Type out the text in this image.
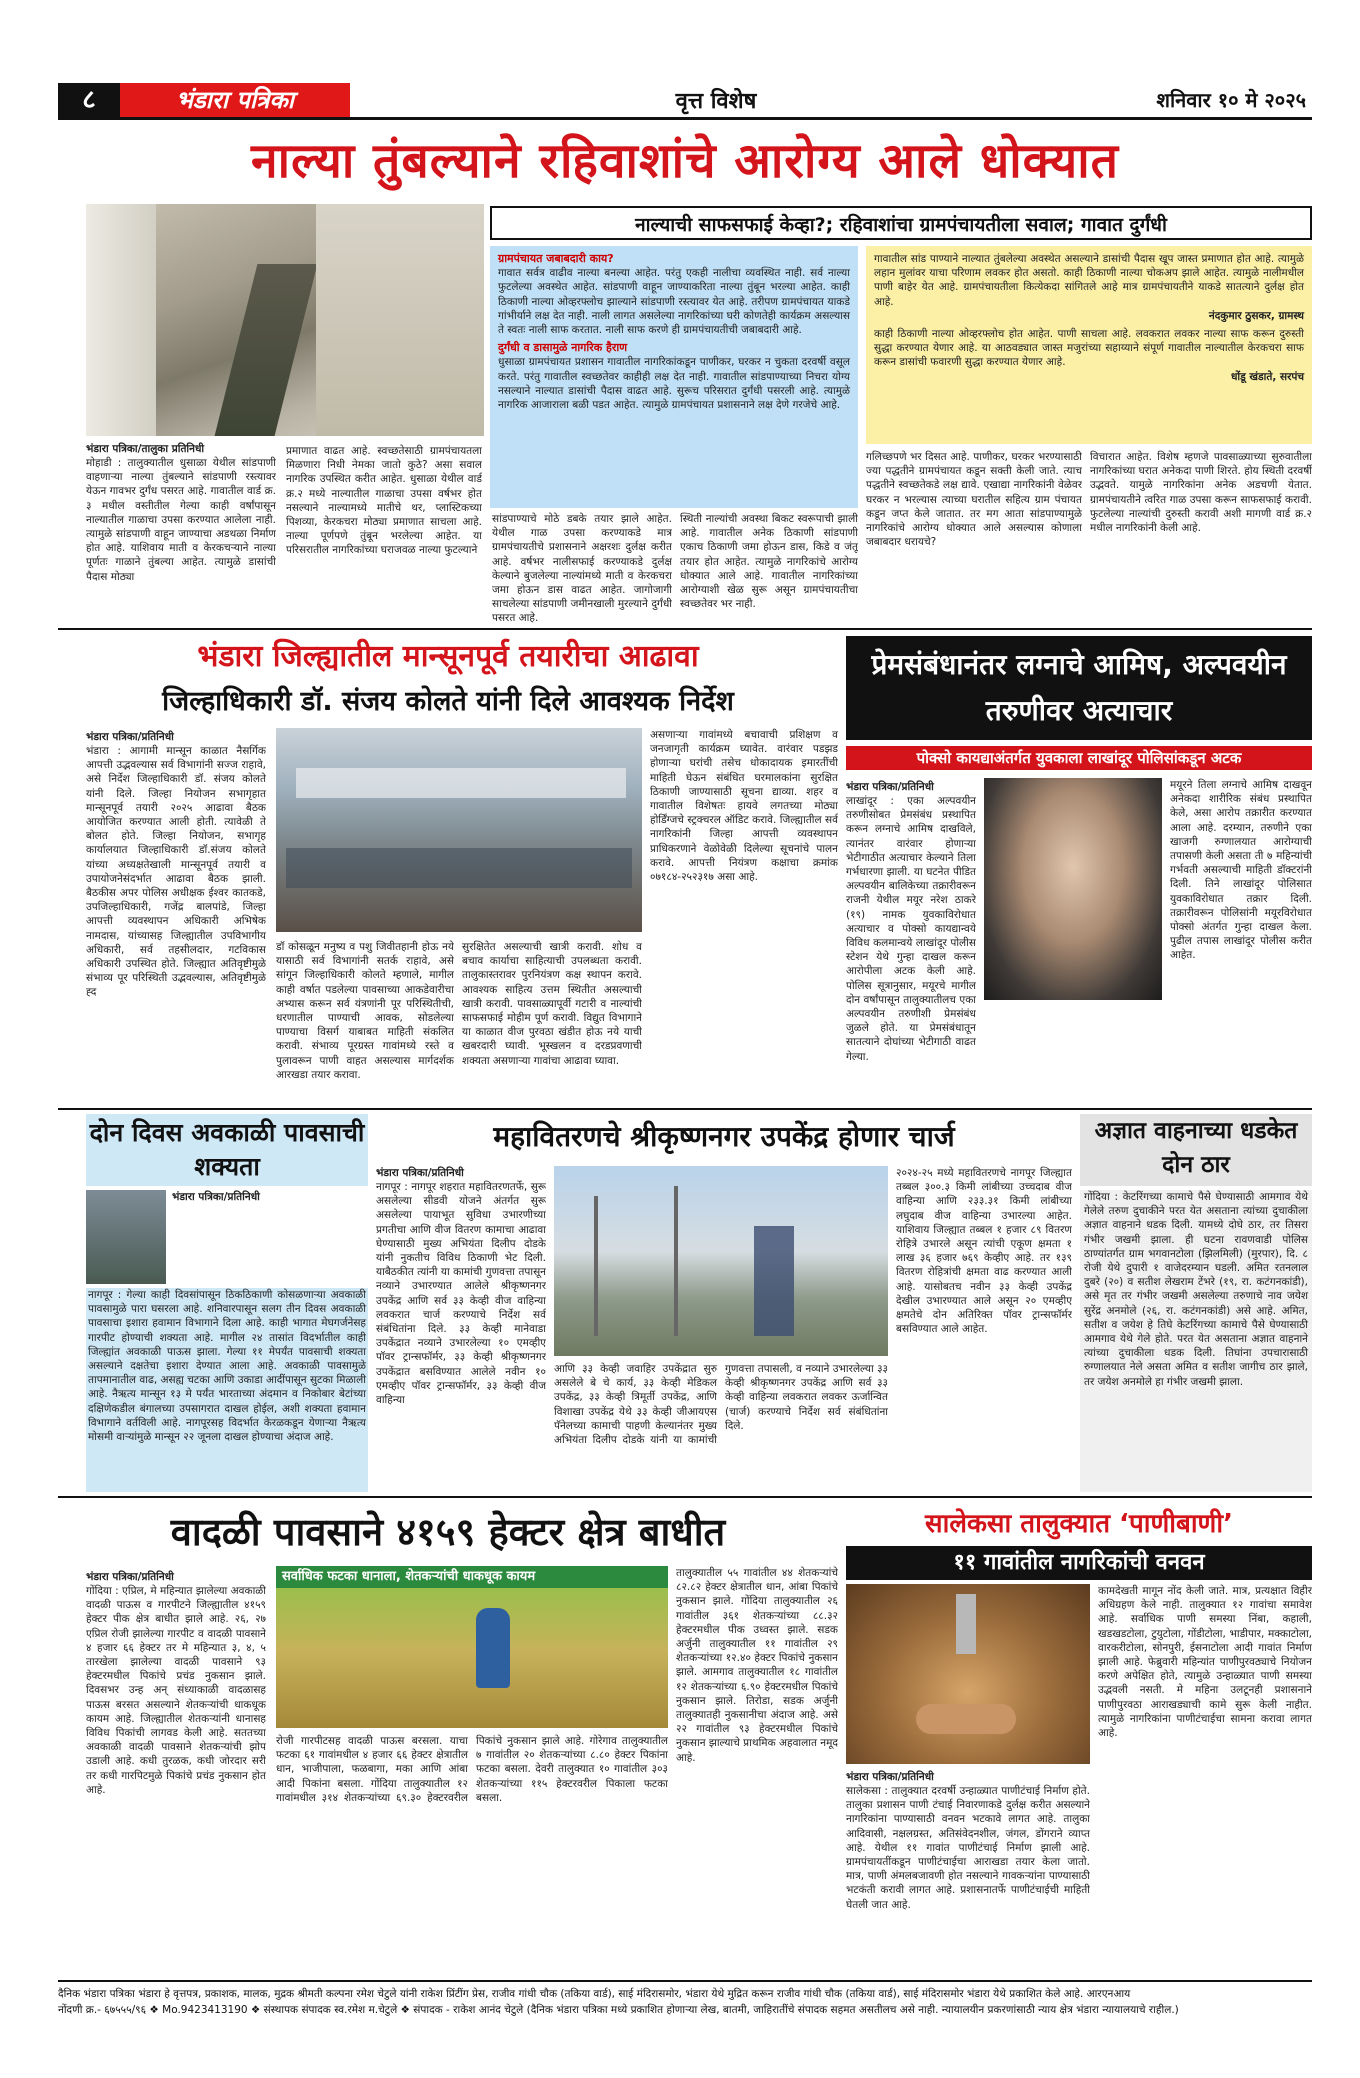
८	भंडारा पत्रिका	वृत्त विशेष	शनिवार १० मे २०२५
नाल्या तुंबल्याने रहिवाशांचे आरोग्य आले धोक्यात
नाल्याची साफसफाई केव्हा?; रहिवाशांचा ग्रामपंचायतीला सवाल; गावात दुर्गंधी
ग्रामपंचायत जबाबदारी काय?
गावात सर्वत्र वाढीव नाल्या बनल्या आहेत. परंतु एकही नालीचा व्यवस्थित नाही. सर्व नाल्या फुटलेल्या अवस्थेत आहेत. सांडपाणी वाहून जाण्याकरिता नाल्या तुंबून भरल्या आहेत. काही ठिकाणी नाल्या ओव्हरफ्लोच झाल्याने सांडपाणी रस्त्यावर येत आहे. तरीपण ग्रामपंचायत याकडे गांभीर्याने लक्ष देत नाही. नाली लागत असलेल्या नागरिकांच्या घरी कोणतेही कार्यक्रम असल्यास ते स्वतः नाली साफ करतात. नाली साफ करणे ही ग्रामपंचायतीची जबाबदारी आहे.
दुर्गंधी व डासामुळे नागरिक हैराण
धुसाळा ग्रामपंचायत प्रशासन गावातील नागरिकांकडून पाणीकर, घरकर न चुकता दरवर्षी वसूल करते. परंतु गावातील स्वच्छतेवर काहीही लक्ष देत नाही. गावातील सांडपाण्याच्या निचरा योग्य नसल्याने नाल्यात डासांची पैदास वाढत आहे. सुरूच परिसरात दुर्गंधी पसरली आहे. त्यामुळे नागरिक आजाराला बळी पडत आहेत. त्यामुळे ग्रामपंचायत प्रशासनाने लक्ष देणे गरजेचे आहे.
गावातील सांड पाण्याने नाल्यात तुंबलेल्या अवस्थेत असल्याने डासांची पैदास खूप जास्त प्रमाणात होत आहे. त्यामुळे लहान मुलांवर याचा परिणाम लवकर होत असतो. काही ठिकाणी नाल्या चोकअप झाले आहेत. त्यामुळे नालीमधील पाणी बाहेर येत आहे. ग्रामपंचायतीला कित्येकदा सांगितले आहे मात्र ग्रामपंचायतीने याकडे सातत्याने दुर्लक्ष होत आहे.
नंदकुमार ठुसकर, ग्रामस्थ
काही ठिकाणी नाल्या ओव्हरफ्लोच होत आहेत. पाणी साचला आहे. लवकरात लवकर नाल्या साफ करून दुरुस्ती सुद्धा करण्यात येणार आहे. या आठवड्यात जास्त मजुरांच्या सहाय्याने संपूर्ण गावातील नाल्यातील केरकचरा साफ करून डासांची फवारणी सुद्धा करण्यात येणार आहे.
धोंडू खंडाते, सरपंच
भंडारा पत्रिका/तालुका प्रतिनिधी
मोहाडी : तालुक्यातील धुसाळा येथील सांडपाणी वाहणाऱ्या नाल्या तुंबल्याने सांडपाणी रस्त्यावर येऊन गावभर दुर्गंध पसरत आहे. गावातील वार्ड क्र. ३ मधील वस्तीतील गेल्या काही वर्षांपासून नाल्यातील गाळाचा उपसा करण्यात आलेला नाही. त्यामुळे सांडपाणी वाहून जाण्याचा अडथळा निर्माण होत आहे. याशिवाय माती व केरकचऱ्याने नाल्या पूर्णतः गाळाने तुंबल्या आहेत. त्यामुळे डासांची पैदास मोठ्या
प्रमाणात वाढत आहे. स्वच्छतेसाठी ग्रामपंचायतला मिळणारा निधी नेमका जातो कुठे? असा सवाल नागरिक उपस्थित करीत आहेत. धुसाळा येथील वार्ड क्र.२ मध्ये नाल्यातील गाळाचा उपसा वर्षभर होत नसल्याने नाल्यामध्ये मातीचे थर, प्लास्टिकच्या पिशव्या, केरकचरा मोठ्या प्रमाणात साचला आहे. नाल्या पूर्णपणे तुंबून भरलेल्या आहेत. या परिसरातील नागरिकांच्या घराजवळ नाल्या फुटल्याने
सांडपाण्याचे मोठे डबके तयार झाले आहेत. येथील गाळ उपसा करण्याकडे मात्र ग्रामपंचायतीचे प्रशासनाने अक्षरशः दुर्लक्ष करीत आहे. वर्षभर नालीसफाई करण्याकडे दुर्लक्ष केल्याने बुजलेल्या नाल्यांमध्ये माती व केरकचरा जमा होऊन डास वाढत आहेत. जागोजागी साचलेल्या सांडपाणी जमीनखाली मुरल्याने दुर्गंधी पसरत आहे.
स्थिती नाल्यांची अवस्था बिकट स्वरूपाची झाली आहे. गावातील अनेक ठिकाणी सांडपाणी एकाच ठिकाणी जमा होऊन डास, किडे व जंतू तयार होत आहेत. त्यामुळे नागरिकांचे आरोग्य धोक्यात आले आहे. गावातील नागरिकांच्या आरोग्याशी खेळ सुरू असून ग्रामपंचायतीचा स्वच्छतेवर भर नाही.
गलिच्छपणे भर दिसत आहे. पाणीकर, घरकर भरण्यासाठी ज्या पद्धतीने ग्रामपंचायत कडून सक्ती केली जाते. त्याच पद्धतीने स्वच्छतेकडे लक्ष द्यावे. एखाद्या नागरिकांनी वेळेवर घरकर न भरल्यास त्याच्या घरातील सहित्य ग्राम पंचायत कडून जप्त केले जातात. तर मग आता सांडपाण्यामुळे नागरिकांचे आरोग्य धोक्यात आले असल्यास कोणाला जबाबदार धरायचे?
विचारात आहेत. विशेष म्हणजे पावसाळ्याच्या सुरुवातीला नागरिकांच्या घरात अनेकदा पाणी शिरते. होय स्थिती दरवर्षी उद्भवते. यामुळे नागरिकांना अनेक अडचणी येतात. ग्रामपंचायतीने त्वरित गाळ उपसा करून साफसफाई करावी. फुटलेल्या नाल्यांची दुरुस्ती करावी अशी मागणी वार्ड क्र.२ मधील नागरिकांनी केली आहे.
भंडारा जिल्ह्यातील मान्सूनपूर्व तयारीचा आढावा
जिल्हाधिकारी डॉ. संजय कोलते यांनी दिले आवश्यक निर्देश
भंडारा पत्रिका/प्रतिनिधी
भंडारा : आगामी मान्सून काळात नैसर्गिक आपत्ती उद्भवल्यास सर्व विभागांनी सज्ज राहावे, असे निर्देश जिल्हाधिकारी डॉ. संजय कोलते यांनी दिले. जिल्हा नियोजन सभागृहात मान्सूनपूर्व तयारी २०२५ आढावा बैठक आयोजित करण्यात आली होती. त्यावेळी ते बोलत होते. जिल्हा नियोजन, सभागृह कार्यालयात जिल्हाधिकारी डॉ.संजय कोलते यांच्या अध्यक्षतेखाली मान्सूनपूर्व तयारी व उपायोजनेसंदर्भात आढावा बैठक झाली. बैठकीस अपर पोलिस अधीक्षक ईश्वर कातकडे, उपजिल्हाधिकारी, गजेंद्र बालपांडे, जिल्हा आपत्ती व्यवस्थापन अधिकारी अभिषेक नामदास, यांच्यासह जिल्ह्यातील उपविभागीय अधिकारी, सर्व तहसीलदार, गटविकास अधिकारी उपस्थित होते. जिल्ह्यात अतिवृष्टीमुळे संभाव्य पूर परिस्थिती उद्भवल्यास, अतिवृष्टीमुळे ह्द
डॉ कोसळून मनुष्य व पशु जिवीतहानी होऊ नये यासाठी सर्व विभागांनी सतर्क राहावे, असे सांगून जिल्हाधिकारी कोलते म्हणाले, मागील काही वर्षात पडलेल्या पावसाच्या आकडेवारीचा अभ्यास करून सर्व यंत्रणांनी पूर परिस्थितीची, धरणातील पाण्याची आवक, सोडलेल्या पाण्याचा विसर्ग याबाबत माहिती संकलित करावी. संभाव्य पूरग्रस्त गावांमध्ये रस्ते व पुलावरून पाणी वाहत असल्यास मार्गदर्शक आरखडा तयार करावा.
सुरक्षितेत असल्याची खात्री करावी. शोध व बचाव कार्याचा साहित्याची उपलब्धता करावी. तालुकास्तरावर पुरनियंत्रण कक्ष स्थापन करावे. आवश्यक साहित्य उत्तम स्थितीत असल्याची खात्री करावी. पावसाळ्यापूर्वी गटारी व नाल्यांची साफसफाई मोहीम पूर्ण करावी. विद्युत विभागाने या काळात वीज पुरवठा खंडीत होऊ नये याची खबरदारी घ्यावी. भूस्खलन व दरडप्रवणाची शक्यता असणाऱ्या गावांचा आढावा घ्यावा.
असणाऱ्या गावांमध्ये बचावाची प्रशिक्षण व जनजागृती कार्यक्रम घ्यावेत. वारंवार पडझड होणाऱ्या घरांची तसेच धोकादायक इमारतींची माहिती घेऊन संबंधित घरमालकांना सुरक्षित ठिकाणी जाण्यासाठी सूचना द्याव्या. शहर व गावातील विशेषतः हायवे लगतच्या मोठ्या होर्डिंग्जचे स्ट्रक्चरल ऑडिट करावे. जिल्ह्यातील सर्व नागरिकांनी जिल्हा आपत्ती व्यवस्थापन प्राधिकरणाने वेळोवेळी दिलेल्या सूचनांचे पालन करावे. आपत्ती नियंत्रण कक्षाचा क्रमांक ०७१८४-२५२३१७ असा आहे.
प्रेमसंबंधानंतर लग्नाचे आमिष, अल्पवयीन तरुणीवर अत्याचार
पोक्सो कायद्याअंतर्गत युवकाला लाखांदूर पोलिसांकडून अटक
भंडारा पत्रिका/प्रतिनिधी
लाखांदूर : एका अल्पवयीन तरुणीसोबत प्रेमसंबंध प्रस्थापित करून लग्नाचे आमिष दाखविले, त्यानंतर वारंवार होणाऱ्या भेटीगाठीत अत्याचार केल्याने तिला गर्भधारणा झाली. या घटनेत पीडित अल्पवयीन बालिकेच्या तक्रारीवरून राजनी येथील मयूर नरेश ठाकरे (१९) नामक युवकाविरोधात अत्याचार व पोक्सो कायद्यान्वये विविध कलमान्वये लाखांदूर पोलीस स्टेशन येथे गुन्हा दाखल करून आरोपीला अटक केली आहे. पोलिस सूत्रानुसार, मयूरचे मागील दोन वर्षांपासून तालुक्यातीलच एका अल्पवयीन तरुणीशी प्रेमसंबंध जुळले होते. या प्रेमसंबंधातून सातत्याने दोघांच्या भेटीगाठी वाढत गेल्या.
मयूरने तिला लग्नाचे आमिष दाखवून अनेकदा शारीरिक संबंध प्रस्थापित केले, असा आरोप तक्रारीत करण्यात आला आहे. दरम्यान, तरुणीने एका खाजगी रुग्णालयात आरोग्याची तपासणी केली असता ती ७ महिन्यांची गर्भवती असल्याची माहिती डॉक्टरांनी दिली. तिने लाखांदूर पोलिसात युवकाविरोधात तक्रार दिली. तक्रारीवरून पोलिसांनी मयूरविरोधात पोक्सो अंतर्गत गुन्हा दाखल केला. पुढील तपास लाखांदूर पोलीस करीत आहेत.
दोन दिवस अवकाळी पावसाची शक्यता
भंडारा पत्रिका/प्रतिनिधी
नागपूर : गेल्या काही दिवसांपासून ठिकठिकाणी कोसळणाऱ्या अवकाळी पावसामुळे पारा घसरला आहे. शनिवारपासून सलग तीन दिवस अवकाळी पावसाचा इशारा हवामान विभागाने दिला आहे. काही भागात मेघगर्जनेसह गारपीट होण्याची शक्यता आहे. मागील २४ तासांत विदर्भातील काही जिल्ह्यांत अवकाळी पाऊस झाला. गेल्या ११ मेपर्यंत पावसाची शक्यता असल्याने दक्षतेचा इशारा देण्यात आला आहे. अवकाळी पावसामुळे तापमानातील वाढ, असह्य चटका आणि उकाडा आदींपासून सुटका मिळाली आहे. नैऋत्य मान्सून १३ मे पर्यंत भारताच्या अंदमान व निकोबार बेटांच्या दक्षिणेकडील बंगालच्या उपसागरात दाखल होईल, अशी शक्यता हवामान विभागाने वर्तविली आहे. नागपूरसह विदर्भात केरळकडून येणाऱ्या नैऋत्य मोसमी वाऱ्यांमुळे मान्सून २२ जूनला दाखल होण्याचा अंदाज आहे.
महावितरणचे श्रीकृष्णनगर उपकेंद्र होणार चार्ज
भंडारा पत्रिका/प्रतिनिधी
नागपूर : नागपूर शहरात महावितरणतर्फे, सुरू असलेल्या सीडवी योजने अंतर्गत सुरू असलेल्या पायाभूत सुविधा उभारणीच्या प्रगतीचा आणि वीज वितरण कामाचा आढावा घेण्यासाठी मुख्य अभियंता दिलीप दोडके यांनी नुकतीच विविध ठिकाणी भेट दिली. याबैठकीत त्यांनी या कामांची गुणवत्ता तपासून नव्याने उभारण्यात आलेले श्रीकृष्णनगर उपकेंद्र आणि सर्व ३३ केव्ही वीज वाहिन्या लवकरात चार्ज करण्याचे निर्देश सर्व संबंधितांना दिले. ३३ केव्ही मानेवाडा उपकेंद्रात नव्याने उभारलेल्या १० एमव्हीए पॉवर ट्रान्सफॉर्मर, ३३ केव्ही श्रीकृष्णनगर उपकेंद्रात बसविण्यात आलेले नवीन १० एमव्हीए पॉवर ट्रान्सफॉर्मर, ३३ केव्ही वीज वाहिन्या
आणि ३३ केव्ही जवाहिर उपकेंद्रात सुरु असलेले बे चे कार्य, ३३ केव्ही मेडिकल उपकेंद्र, ३३ केव्ही त्रिमूर्ती उपकेंद्र, आणि विशाखा उपकेंद्र येथे ३३ केव्ही जीआयएस पॅनेलच्या कामाची पाहणी केल्यानंतर मुख्य अभियंता दिलीप दोडके यांनी या कामांची गुणवत्ता तपासली, व नव्याने उभारलेल्या ३३ केव्ही श्रीकृष्णनगर उपकेंद्र आणि सर्व ३३ केव्ही वाहिन्या लवकरात लवकर ऊर्जान्वित (चार्ज) करण्याचे निर्देश सर्व संबंधितांना दिले.
२०२४-२५ मध्ये महावितरणचे नागपूर जिल्ह्यात तब्बल ३००.३ किमी लांबीच्या उच्चदाब वीज वाहिन्या आणि २३३.३१ किमी लांबीच्या लघुदाब वीज वाहिन्या उभारल्या आहेत. याशिवाय जिल्ह्यात तब्बल १ हजार ८९ वितरण रोहित्रे उभारले असून त्यांची एकूण क्षमता १ लाख ३६ हजार ७६९ केव्हीए आहे. तर १३९ वितरण रोहित्रांची क्षमता वाढ करण्यात आली आहे. यासोबतच नवीन ३३ केव्ही उपकेंद्र देखील उभारण्यात आले असून २० एमव्हीए क्षमतेचे दोन अतिरिक्त पॉवर ट्रान्सफॉर्मर बसविण्यात आले आहेत.
अज्ञात वाहनाच्या धडकेत दोन ठार
गोंदिया : केटरिंगच्या कामाचे पैसे घेण्यासाठी आमगाव येथे गेलेले तरुण दुचाकीने परत येत असताना त्यांच्या दुचाकीला अज्ञात वाहनाने धडक दिली. यामध्ये दोघे ठार, तर तिसरा गंभीर जखमी झाला. ही घटना रावणवाडी पोलिस ठाण्यांतर्गत ग्राम भगवानटोला (झिलमिली) (मुरपार), दि. ८ रोजी येथे दुपारी १ वाजेदरम्यान घडली. अमित रतनलाल दुबरे (२०) व सतीश लेखराम टेंभरे (१९, रा. कटंगनकांडी), असे मृत तर गंभीर जखमी असलेल्या तरुणाचे नाव जयेश सुरेंद्र अनमोले (२६, रा. कटंगनकांडी) असे आहे. अमित, सतीश व जयेश हे तिघे केटरिंगच्या कामाचे पैसे घेण्यासाठी आमगाव येथे गेले होते. परत येत असताना अज्ञात वाहनाने त्यांच्या दुचाकीला धडक दिली. तिघांना उपचारासाठी रुग्णालयात नेले असता अमित व सतीश जागीच ठार झाले, तर जयेश अनमोले हा गंभीर जखमी झाला.
वादळी पावसाने ४१५९ हेक्टर क्षेत्र बाधीत
सर्वाधिक फटका धानाला, शेतकऱ्यांची धाकधूक कायम
भंडारा पत्रिका/प्रतिनिधी
गोंदिया : एप्रिल, मे महिन्यात झालेल्या अवकाळी वादळी पाऊस व गारपीटने जिल्ह्यातील ४१५९ हेक्टर पीक क्षेत्र बाधीत झाले आहे. २६, २७ एप्रिल रोजी झालेल्या गारपीट व वादळी पावसाने ४ हजार ६६ हेक्टर तर मे महिन्यात ३, ४, ५ तारखेला झालेल्या वादळी पावसाने ९३ हेक्टरमधील पिकांचे प्रचंड नुकसान झाले. दिवसभर उन्ह अन् संध्याकाळी वादळासह पाऊस बरसत असल्याने शेतकऱ्यांची धाकधूक कायम आहे. जिल्ह्यातील शेतकऱ्यांनी धानासह विविध पिकांची लागवड केली आहे. सततच्या अवकाळी वादळी पावसाने शेतकऱ्यांची झोप उडाली आहे. कधी तुरळक, कधी जोरदार सरी तर कधी गारपिटमुळे पिकांचे प्रचंड नुकसान होत आहे.
रोजी गारपीटसह वादळी पाऊस बरसला. याचा फटका ६१ गावांमधील ४ हजार ६६ हेक्टर क्षेत्रातील धान, भाजीपाला, फळबागा, मका आणि आंबा आदी पिकांना बसला. गोंदिया तालुक्यातील १२ गावांमधील ३१४ शेतकऱ्यांच्या ६९.३० हेक्टरवरील पिकांचे नुकसान झाले आहे. गोरेगाव तालुक्यातील ७ गावांतील २० शेतकऱ्यांच्या ८.८० हेक्टर पिकांना फटका बसला. देवरी तालुक्यात १० गावांतील ३०३ शेतकऱ्यांच्या ११५ हेक्टरवरील पिकाला फटका बसला.
तालुक्यातील ५५ गावांतील ४४ शेतकऱ्यांचे ८२.८२ हेक्टर क्षेत्रातील धान, आंबा पिकांचे नुकसान झाले. गोंदिया तालुक्यातील २६ गावांतील ३६१ शेतकऱ्यांच्या ८८.३२ हेक्टरमधील पीक उध्वस्त झाले. सडक अर्जुनी तालुक्यातील ११ गावांतील २९ शेतकऱ्यांच्या १२.४० हेक्टर पिकांचे नुकसान झाले. आमगाव तालुक्यातील १८ गावांतील १२ शेतकऱ्यांच्या ६.९० हेक्टरमधील पिकांचे नुकसान झाले. तिरोडा, सडक अर्जुनी तालुक्यातही नुकसानीचा अंदाज आहे. असे २२ गावांतील ९३ हेक्टरमधील पिकांचे नुकसान झाल्याचे प्राथमिक अहवालात नमूद आहे.
सालेकसा तालुक्यात ‘पाणीबाणी’
११ गावांतील नागरिकांची वनवन
भंडारा पत्रिका/प्रतिनिधी
सालेकसा : तालुक्यात दरवर्षी उन्हाळ्यात पाणीटंचाई निर्माण होते. तालुका प्रशासन पाणी टंचाई निवारणाकडे दुर्लक्ष करीत असल्याने नागरिकांना पाण्यासाठी वनवन भटकावे लागत आहे. तालुका आदिवासी, नक्षलग्रस्त, अतिसंवेदनशील, जंगल, डोंगराने व्याप्त आहे. येथील ११ गावांत पाणीटंचाई निर्माण झाली आहे. ग्रामपंचायतींकडून पाणीटंचाईचा आराखडा तयार केला जातो. मात्र, पाणी अंमलबजावणी होत नसल्याने गावकऱ्यांना पाण्यासाठी भटकंती करावी लागत आहे. प्रशासनातर्फे पाणीटंचाईची माहिती घेतली जात आहे.
कामदेखती मागून नोंद केली जाते. मात्र, प्रत्यक्षात विहीर अधिग्रहण केले नाही. तालुक्यात १२ गावांचा समावेश आहे. सर्वाधिक पाणी समस्या निंबा, कहाली, खडखडटोला, टुयुटोला, गोंडीटोला, भाडीपार, मक्काटोला, वारकरीटोला, सोनपुरी, ईसनाटोला आदी गावांत निर्माण झाली आहे. फेब्रुवारी महिन्यांत पाणीपुरवठ्याचे नियोजन करणे अपेक्षित होते, त्यामुळे उन्हाळ्यात पाणी समस्या उद्भवली नसती. मे महिना उलटूनही प्रशासनाने पाणीपुरवठा आराखड्याची कामे सुरू केली नाहीत. त्यामुळे नागरिकांना पाणीटंचाईचा सामना करावा लागत आहे.
दैनिक भंडारा पत्रिका भंडारा हे वृत्तपत्र, प्रकाशक, मालक, मुद्रक श्रीमती कल्पना रमेश चेटुले यांनी राकेश प्रिंटींग प्रेस, राजीव गांधी चौक (तकिया वार्ड), साई मंदिरासमोर, भंडारा येथे मुद्रित करून राजीव गांधी चौक (तकिया वार्ड), साई मंदिरासमोर भंडारा येथे प्रकाशित केले आहे. आरएनआय
नोंदणी क्र.- ६७५५५/९६ ❖ Mo.9423413190 ❖ संस्थापक संपादक स्व.रमेश म.चेटुले ❖ संपादक - राकेश आनंद चेटुले (दैनिक भंडारा पत्रिका मध्ये प्रकाशित होणाऱ्या लेख, बातमी, जाहिरातींचे संपादक सहमत असतीलच असे नाही. न्यायालयीन प्रकरणांसाठी न्याय क्षेत्र भंडारा न्यायालयाचे राहील.)
